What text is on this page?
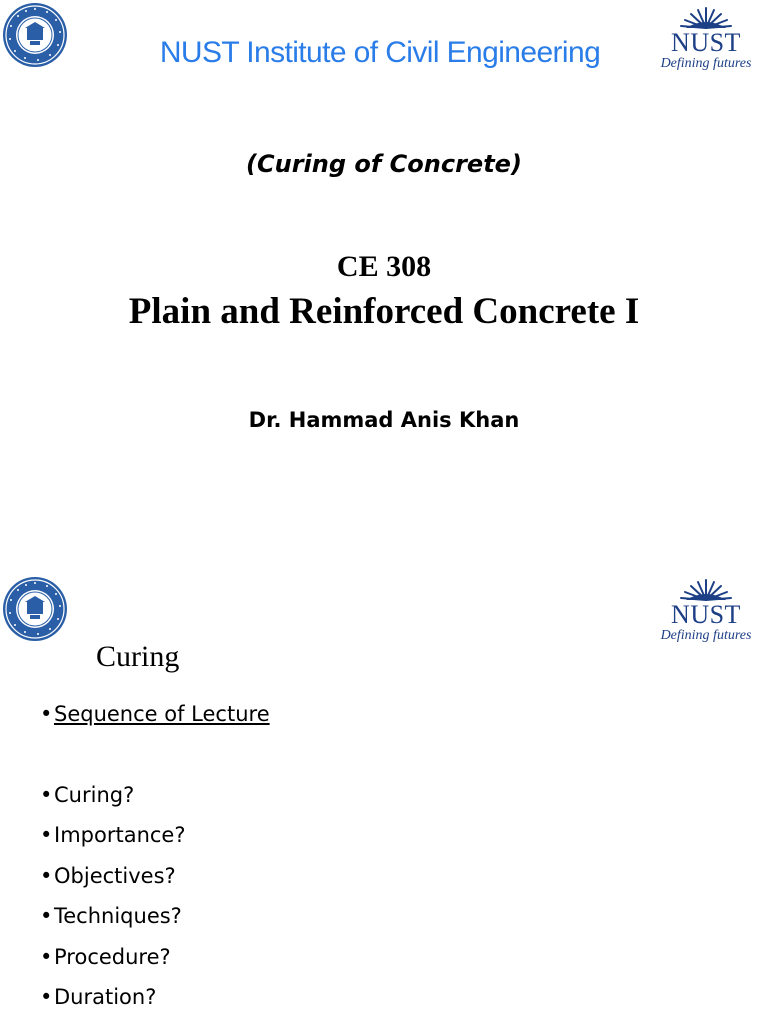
NUST Institute of Civil Engineering	NUST
Defining futures
(Curing of Concrete)
CE 308
Plain and Reinforced Concrete I
Dr. Hammad Anis Khan
NUST
Defining futures
Curing
•Sequence of Lecture
•Curing?
•Importance?
•Objectives?
•Techniques?
•Procedure?
•Duration?
